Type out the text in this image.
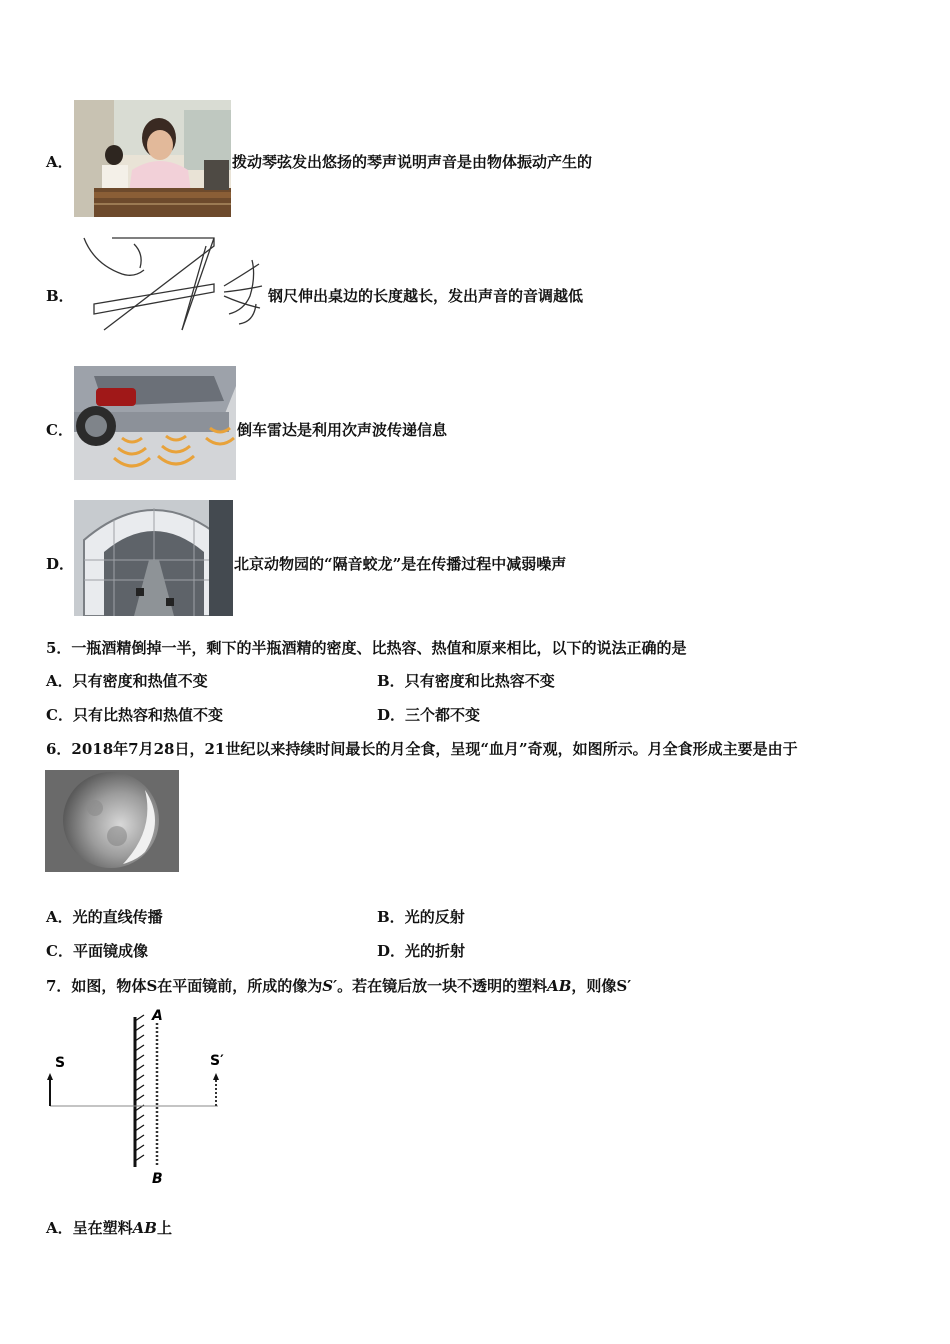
A．	拨动琴弦发出悠扬的琴声说明声音是由物体振动产生的
B．	钢尺伸出桌边的长度越长，发出声音的音调越低
C．	倒车雷达是利用次声波传递信息
D．	北京动物园的“隔音蛟龙”是在传播过程中减弱噪声
5．一瓶酒精倒掉一半，剩下的半瓶酒精的密度、比热容、热值和原来相比，以下的说法正确的是
A．只有密度和热值不变	B．只有密度和比热容不变
C．只有比热容和热值不变	D．三个都不变
6．2018年7月28日，21世纪以来持续时间最长的月全食，呈现“血月”奇观，如图所示。月全食形成主要是由于
A．光的直线传播	B．光的反射
C．平面镜成像	D．光的折射
7．如图，物体S在平面镜前，所成的像为S′。若在镜后放一块不透明的塑料AB，则像S′
A
B
S	S′
A．呈在塑料AB上
